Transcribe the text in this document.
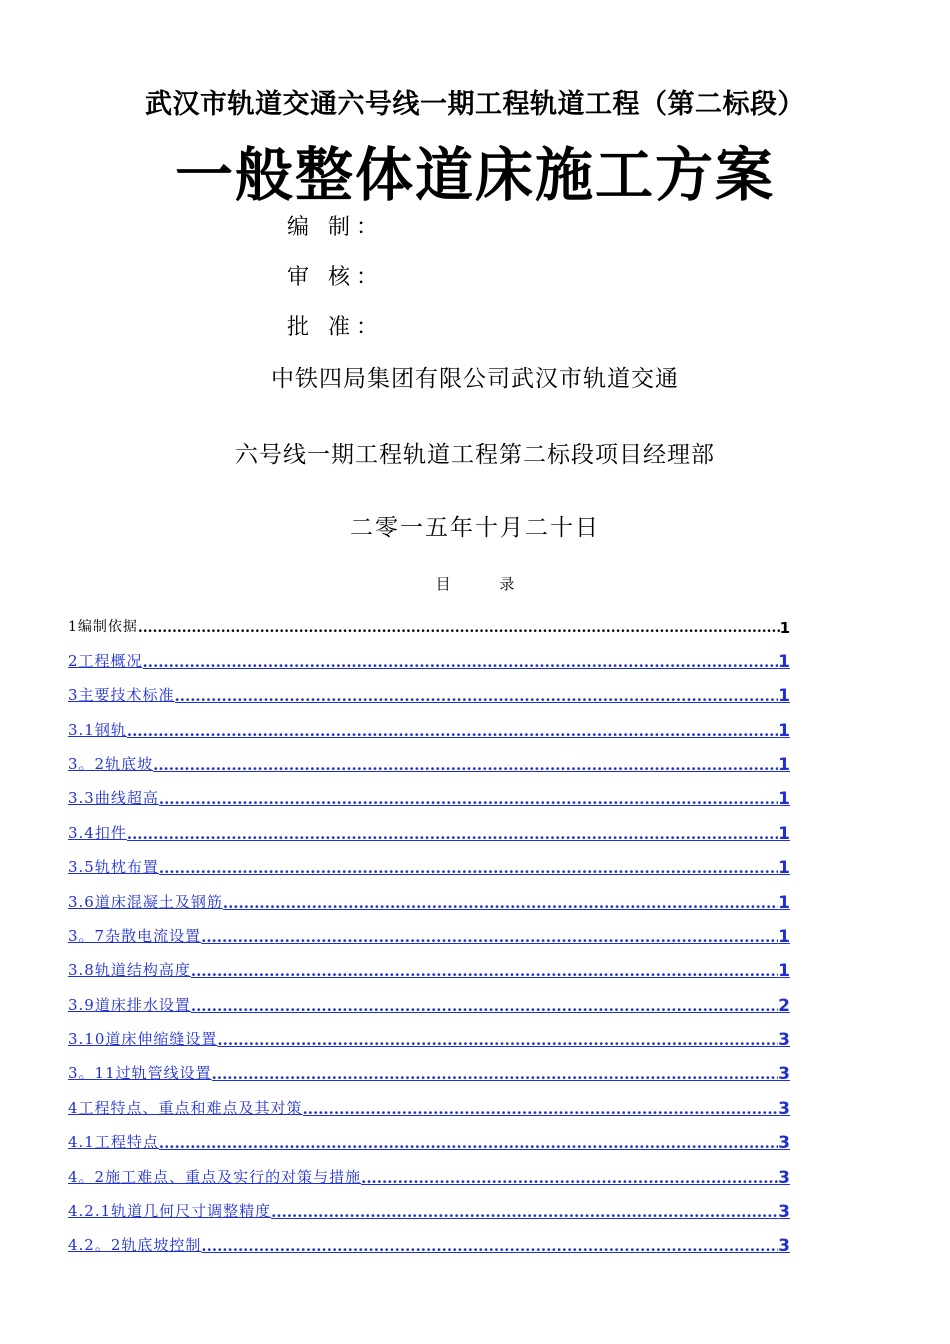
武汉市轨道交通六号线一期工程轨道工程（第二标段）
一般整体道床施工方案
编 制：
审 核：
批 准：
中铁四局集团有限公司武汉市轨道交通
六号线一期工程轨道工程第二标段项目经理部
二零一五年十月二十日
目 录
1编制依据 .....	1
2工程概况 .....	1
3主要技术标准 .....	1
3.1钢轨 .....	1
3。2轨底坡 .....	1
3.3曲线超高 .....	1
3.4扣件 .....	1
3.5轨枕布置 .....	1
3.6道床混凝土及钢筋 .....	1
3。7杂散电流设置 .....	1
3.8轨道结构高度 .....	1
3.9道床排水设置 .....	2
3.10道床伸缩缝设置 .....	3
3。11过轨管线设置 .....	3
4工程特点、重点和难点及其对策 .....	3
4.1工程特点 .....	3
4。2施工难点、重点及实行的对策与措施 .....	3
4.2.1轨道几何尺寸调整精度 .....	3
4.2。2轨底坡控制 .....	3
